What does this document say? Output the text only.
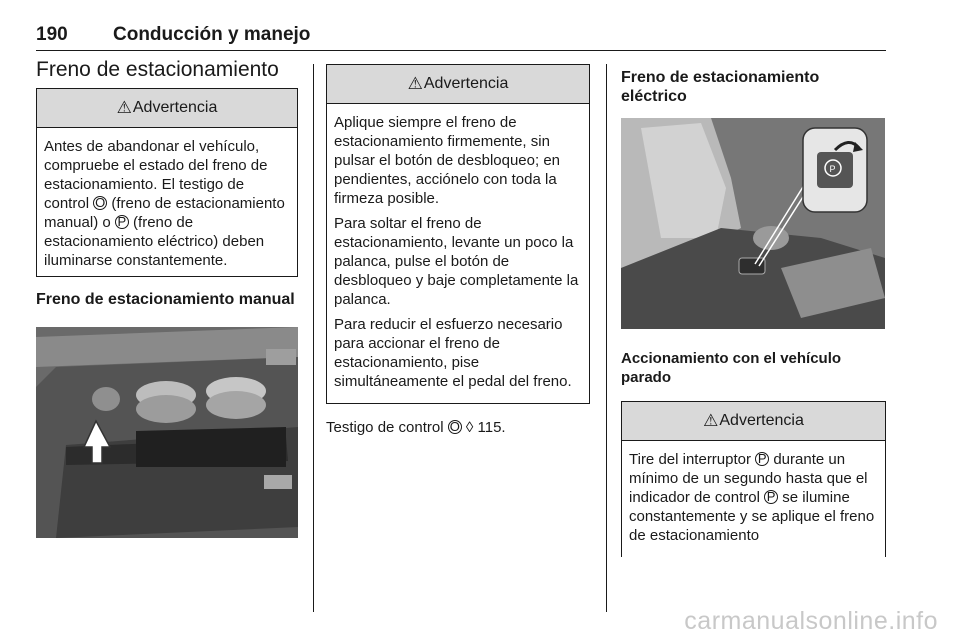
190 Conducción y manejo
Freno de estacionamiento
⚠ Advertencia
Antes de abandonar el vehículo, compruebe el estado del freno de estacionamiento. El testigo de control O (freno de estacionamiento manual) o P (freno de estacionamiento eléctrico) deben iluminarse constantemente.
Freno de estacionamiento manual
⚠ Advertencia

Aplique siempre el freno de estacionamiento firmemente, sin pulsar el botón de desbloqueo; en pendientes, acciónelo con toda la firmeza posible.

Para soltar el freno de estacionamiento, levante un poco la palanca, pulse el botón de desbloqueo y baje completamente la palanca.

Para reducir el esfuerzo necesario para accionar el freno de estacionamiento, pise simultáneamente el pedal del freno.

Testigo de control O ◊ 115.

Freno de estacionamiento eléctrico
P
Accionamiento con el vehículo parado
⚠ Advertencia
Tire del interruptor P durante un mínimo de un segundo hasta que el indicador de control P se ilumine constantemente y se aplique el freno de estacionamiento
carmanualsonline.info
